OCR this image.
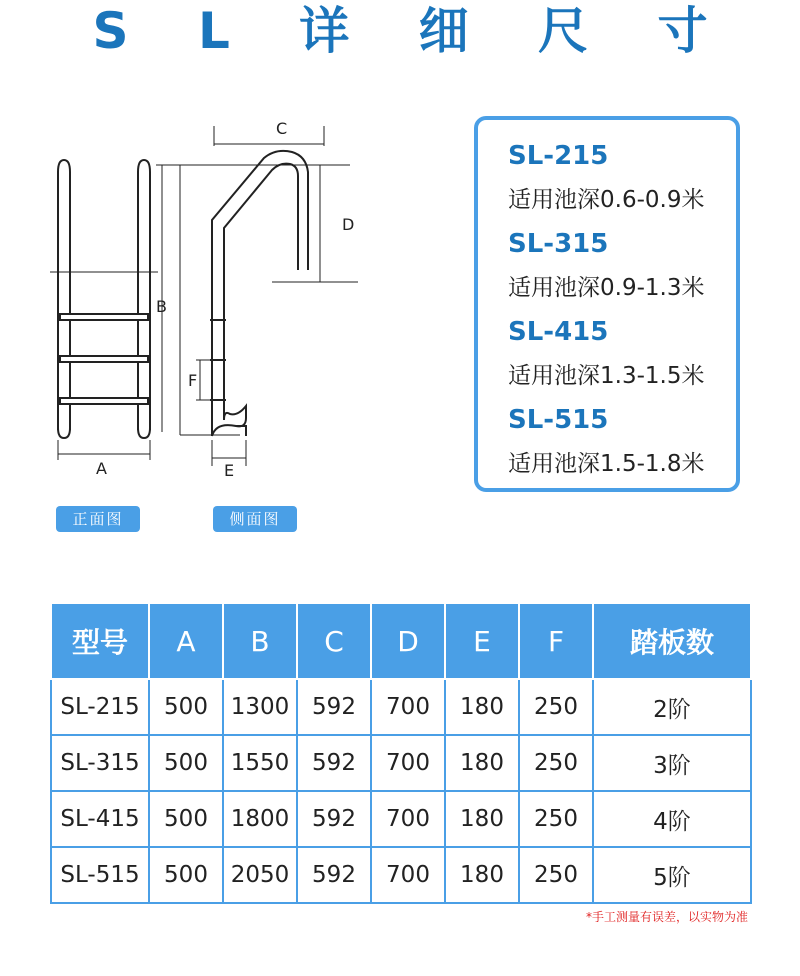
S L 详 细 尺 寸
A
B
C
D
E
F
正面图	侧面图
SL-215
适用池深0.6-0.9米
SL-315
适用池深0.9-1.3米
SL-415
适用池深1.3-1.5米
SL-515
适用池深1.5-1.8米
型号	A	B	C	D	E	F	踏板数
SL-215	500	1300	592	700	180	250	2阶
SL-315	500	1550	592	700	180	250	3阶
SL-415	500	1800	592	700	180	250	4阶
SL-515	500	2050	592	700	180	250	5阶
*手工测量有误差，以实物为准
